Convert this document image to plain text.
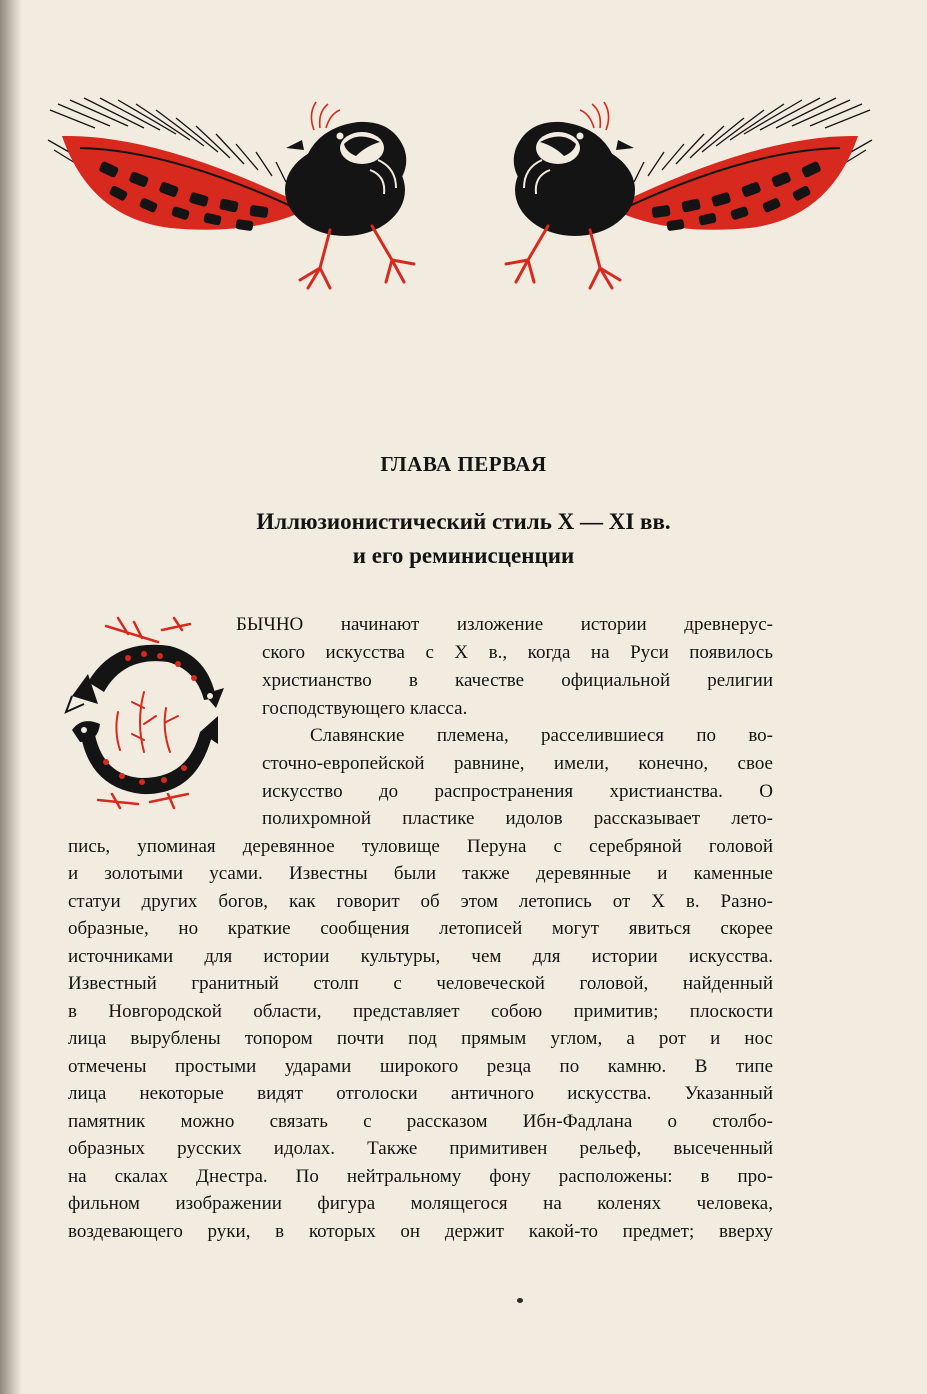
ГЛАВА ПЕРВАЯ
Иллюзионистический стиль X — XI вв.
и его реминисценции
БЫЧНО начинают изложение истории древнерус-
ского искусства с X в., когда на Руси появилось
христианство в качестве официальной религии
господствующего класса.
Славянские племена, расселившиеся по во-
сточно-европейской равнине, имели, конечно, свое
искусство до распространения христианства. О
полихромной пластике идолов рассказывает лето-
пись, упоминая деревянное туловище Перуна с серебряной головой
и золотыми усами. Известны были также деревянные и каменные
статуи других богов, как говорит об этом летопись от X в. Разно-
образные, но краткие сообщения летописей могут явиться скорее
источниками для истории культуры, чем для истории искусства.
Известный гранитный столп с человеческой головой, найденный
в Новгородской области, представляет собою примитив; плоскости
лица вырублены топором почти под прямым углом, а рот и нос
отмечены простыми ударами широкого резца по камню. В типе
лица некоторые видят отголоски античного искусства. Указанный
памятник можно связать с рассказом Ибн-Фадлана о столбо-
образных русских идолах. Также примитивен рельеф, высеченный
на скалах Днестра. По нейтральному фону расположены: в про-
фильном изображении фигура молящегося на коленях человека,
воздевающего руки, в которых он держит какой-то предмет; вверху
